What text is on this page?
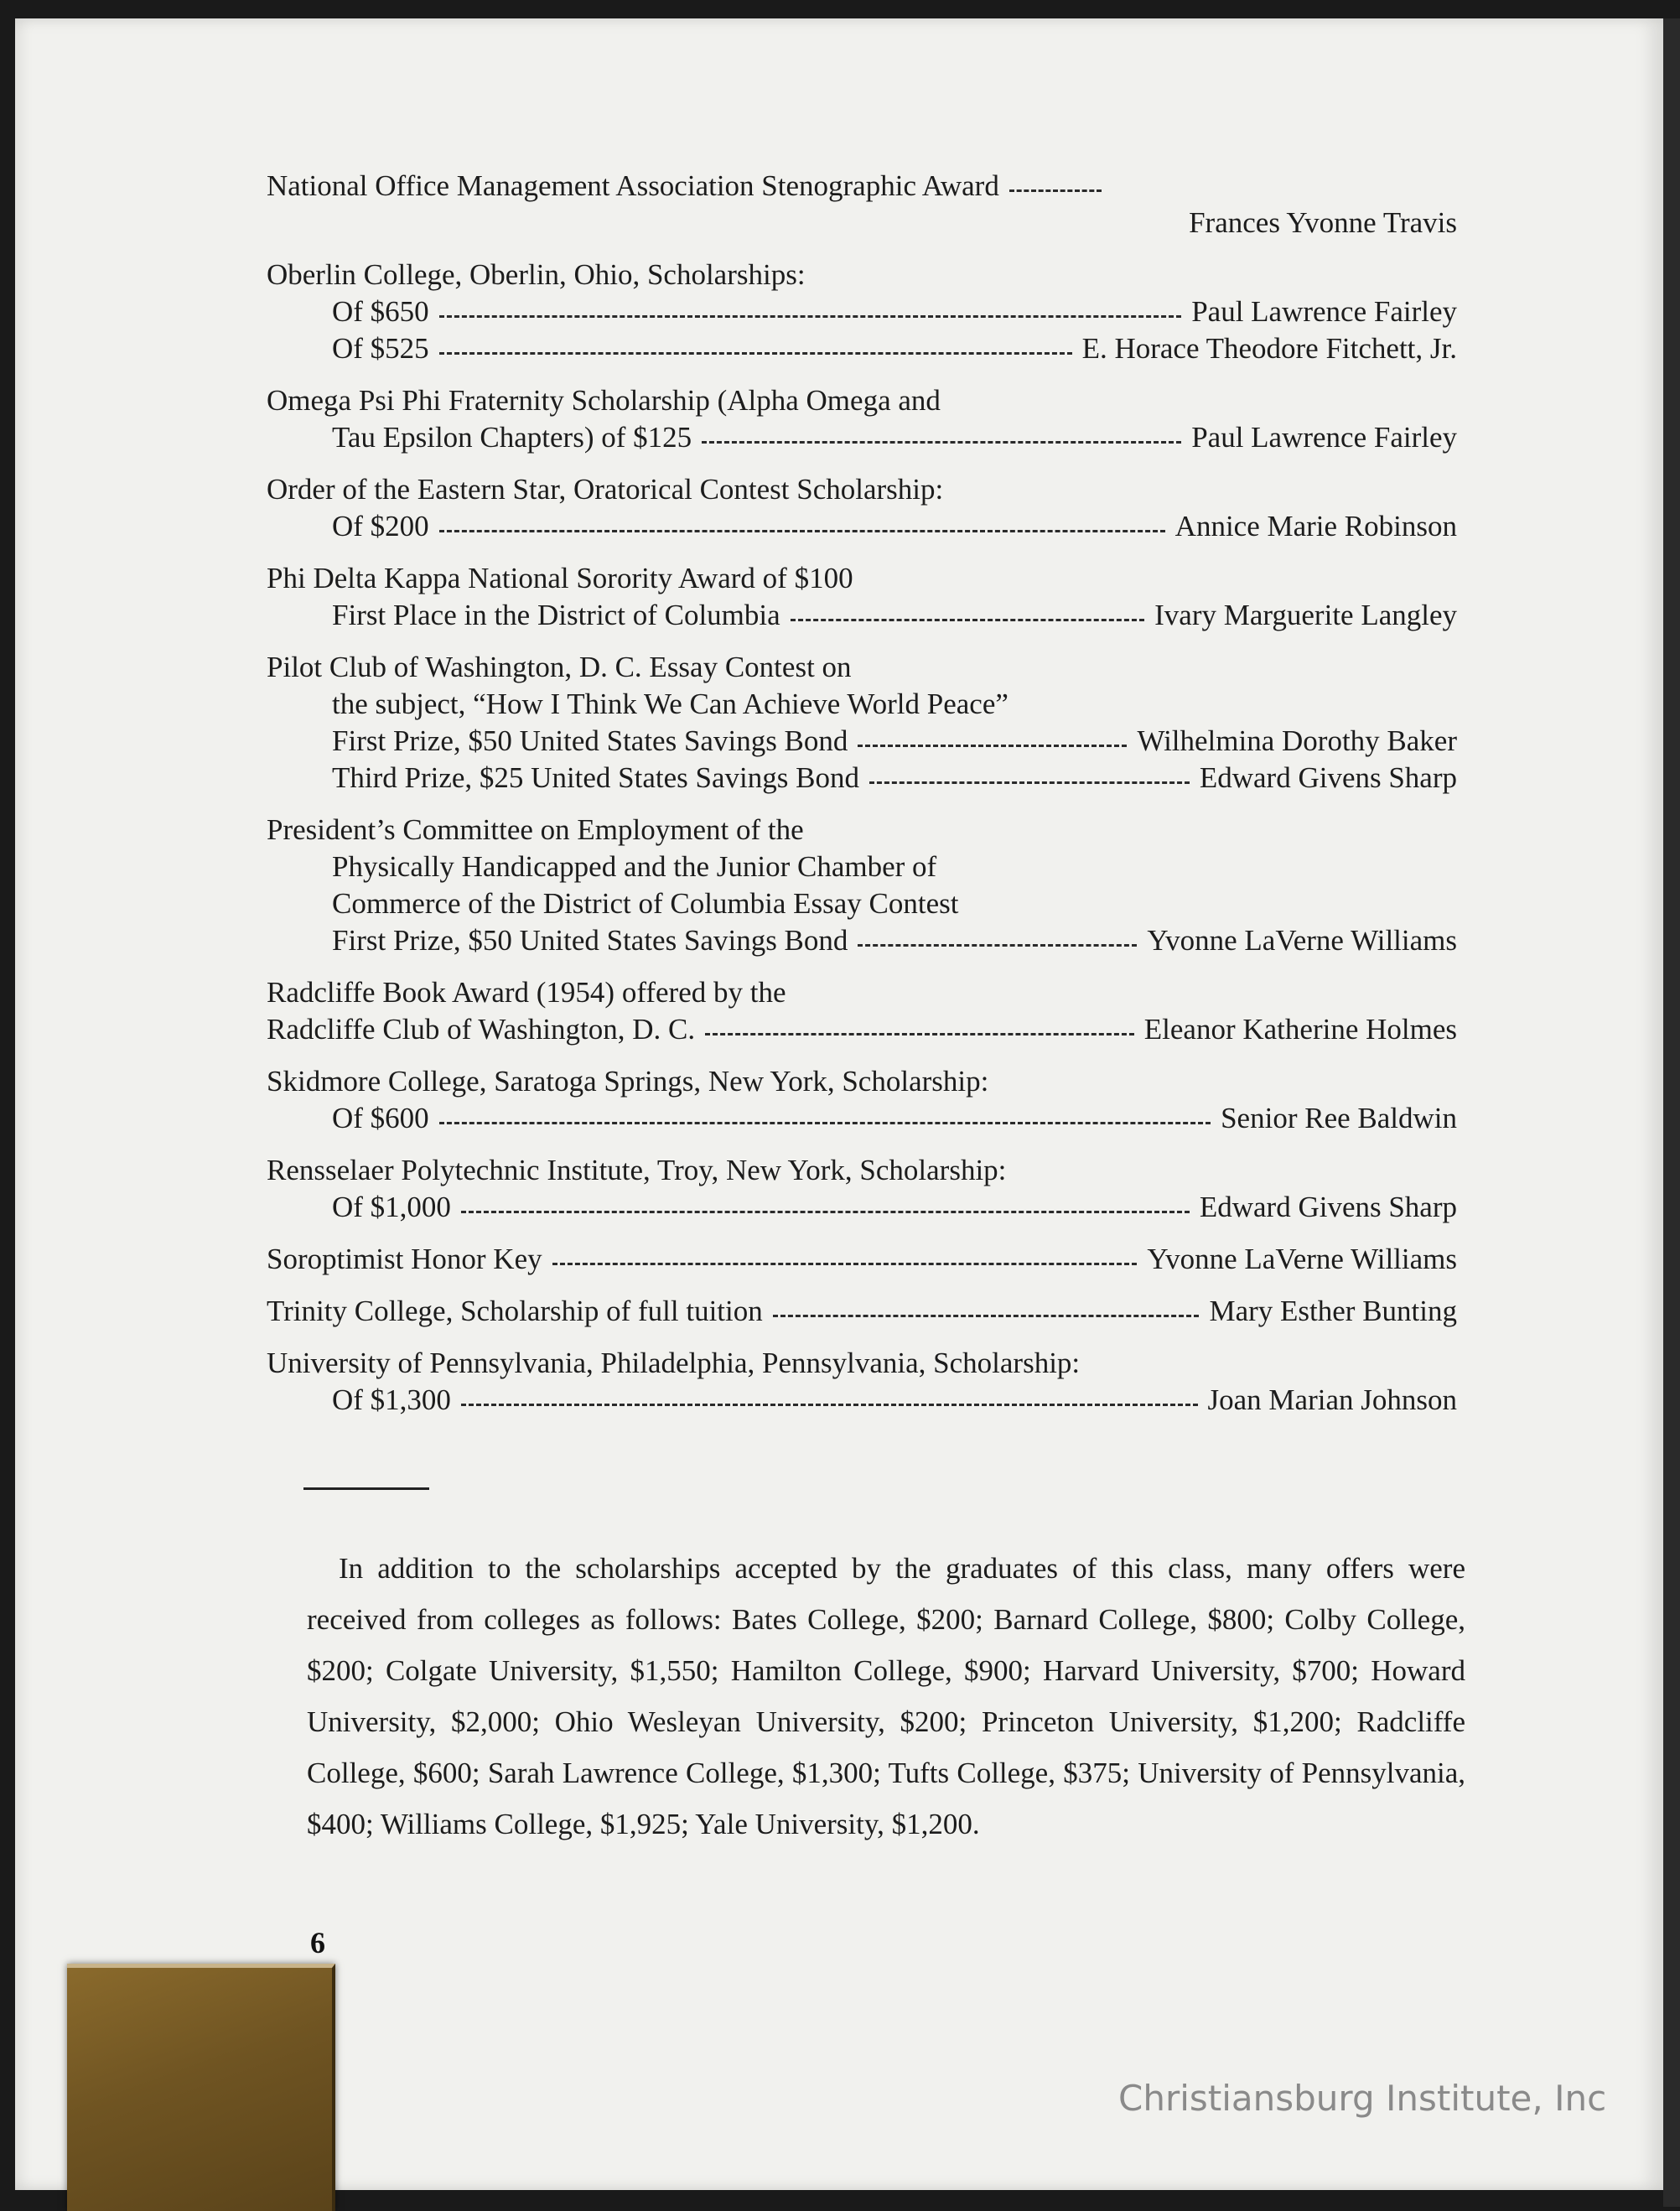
National Office Management Association Stenographic Award
Frances Yvonne Travis
Oberlin College, Oberlin, Ohio, Scholarships:
Of $650	Paul Lawrence Fairley
Of $525	E. Horace Theodore Fitchett, Jr.
Omega Psi Phi Fraternity Scholarship (Alpha Omega and
Tau Epsilon Chapters) of $125	Paul Lawrence Fairley
Order of the Eastern Star, Oratorical Contest Scholarship:
Of $200	Annice Marie Robinson
Phi Delta Kappa National Sorority Award of $100
First Place in the District of Columbia	Ivary Marguerite Langley
Pilot Club of Washington, D. C. Essay Contest on
the subject, “How I Think We Can Achieve World Peace”
First Prize, $50 United States Savings Bond	Wilhelmina Dorothy Baker
Third Prize, $25 United States Savings Bond	Edward Givens Sharp
President’s Committee on Employment of the
Physically Handicapped and the Junior Chamber of
Commerce of the District of Columbia Essay Contest
First Prize, $50 United States Savings Bond	Yvonne LaVerne Williams
Radcliffe Book Award (1954) offered by the
Radcliffe Club of Washington, D. C.	Eleanor Katherine Holmes
Skidmore College, Saratoga Springs, New York, Scholarship:
Of $600	Senior Ree Baldwin
Rensselaer Polytechnic Institute, Troy, New York, Scholarship:
Of $1,000	Edward Givens Sharp
Soroptimist Honor Key	Yvonne LaVerne Williams
Trinity College, Scholarship of full tuition	Mary Esther Bunting
University of Pennsylvania, Philadelphia, Pennsylvania, Scholarship:
Of $1,300	Joan Marian Johnson
In addition to the scholarships accepted by the graduates of this class, many offers were received from colleges as follows: Bates College, $200; Barnard College, $800; Colby College, $200; Colgate University, $1,550; Hamilton College, $900; Harvard University, $700; Howard University, $2,000; Ohio Wesleyan University, $200; Princeton University, $1,200; Radcliffe College, $600; Sarah Lawrence College, $1,300; Tufts College, $375; University of Pennsylvania, $400; Williams College, $1,925; Yale University, $1,200.
6
Christiansburg Institute, Inc
